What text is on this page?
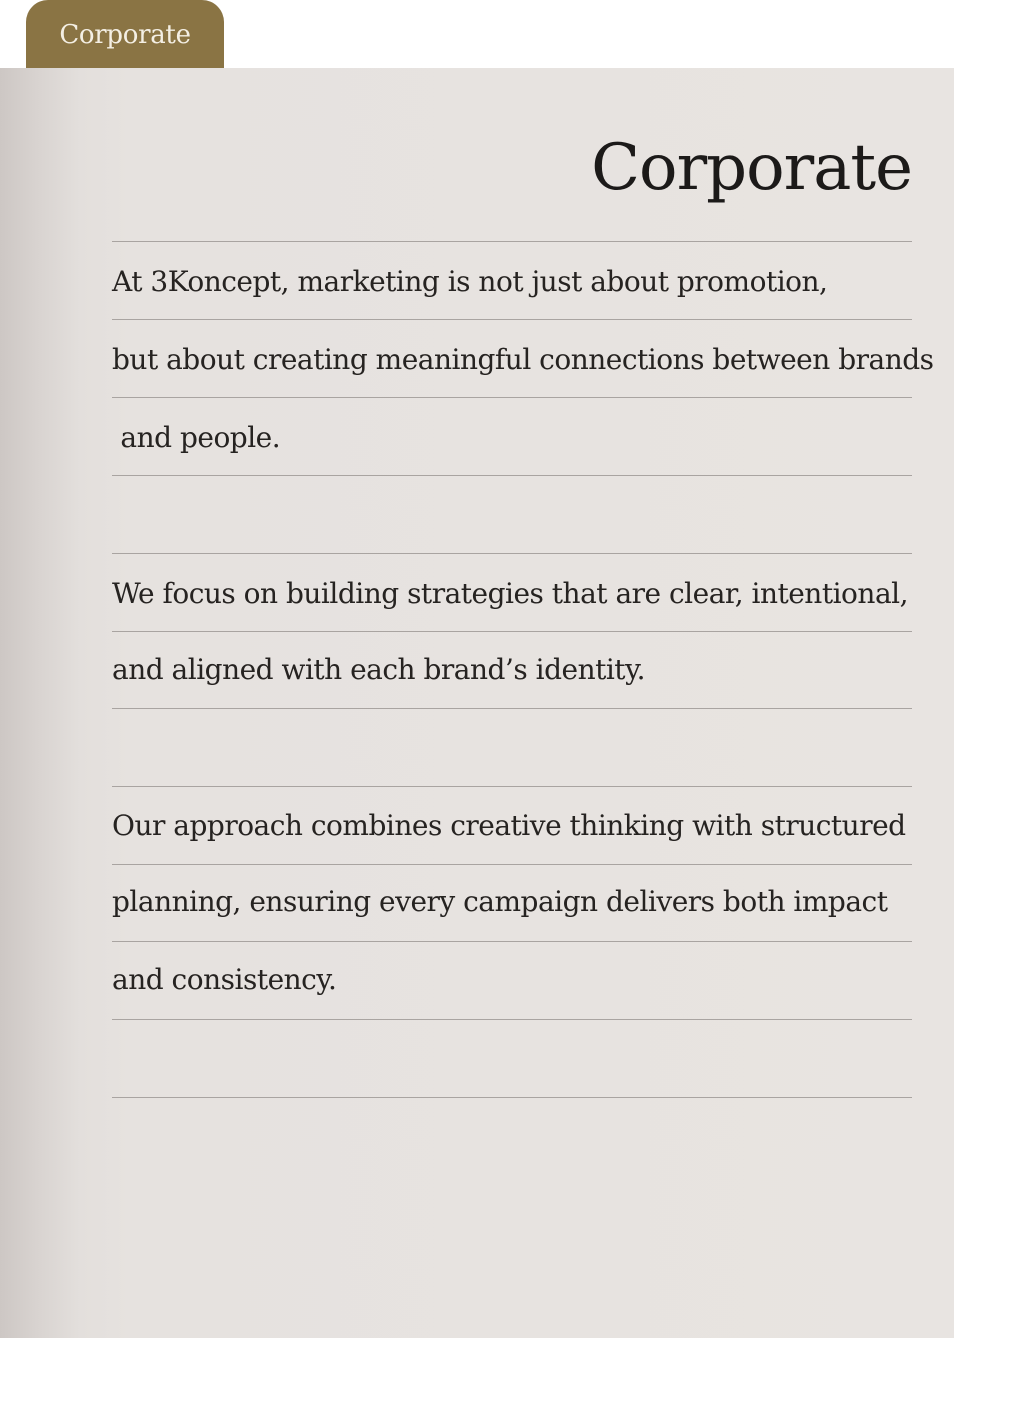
Corporate
Corporate
At 3Koncept, marketing is not just about promotion,
but about creating meaningful connections between brands
and people.
We focus on building strategies that are clear, intentional,
and aligned with each brand’s identity.
Our approach combines creative thinking with structured
planning, ensuring every campaign delivers both impact
and consistency.
